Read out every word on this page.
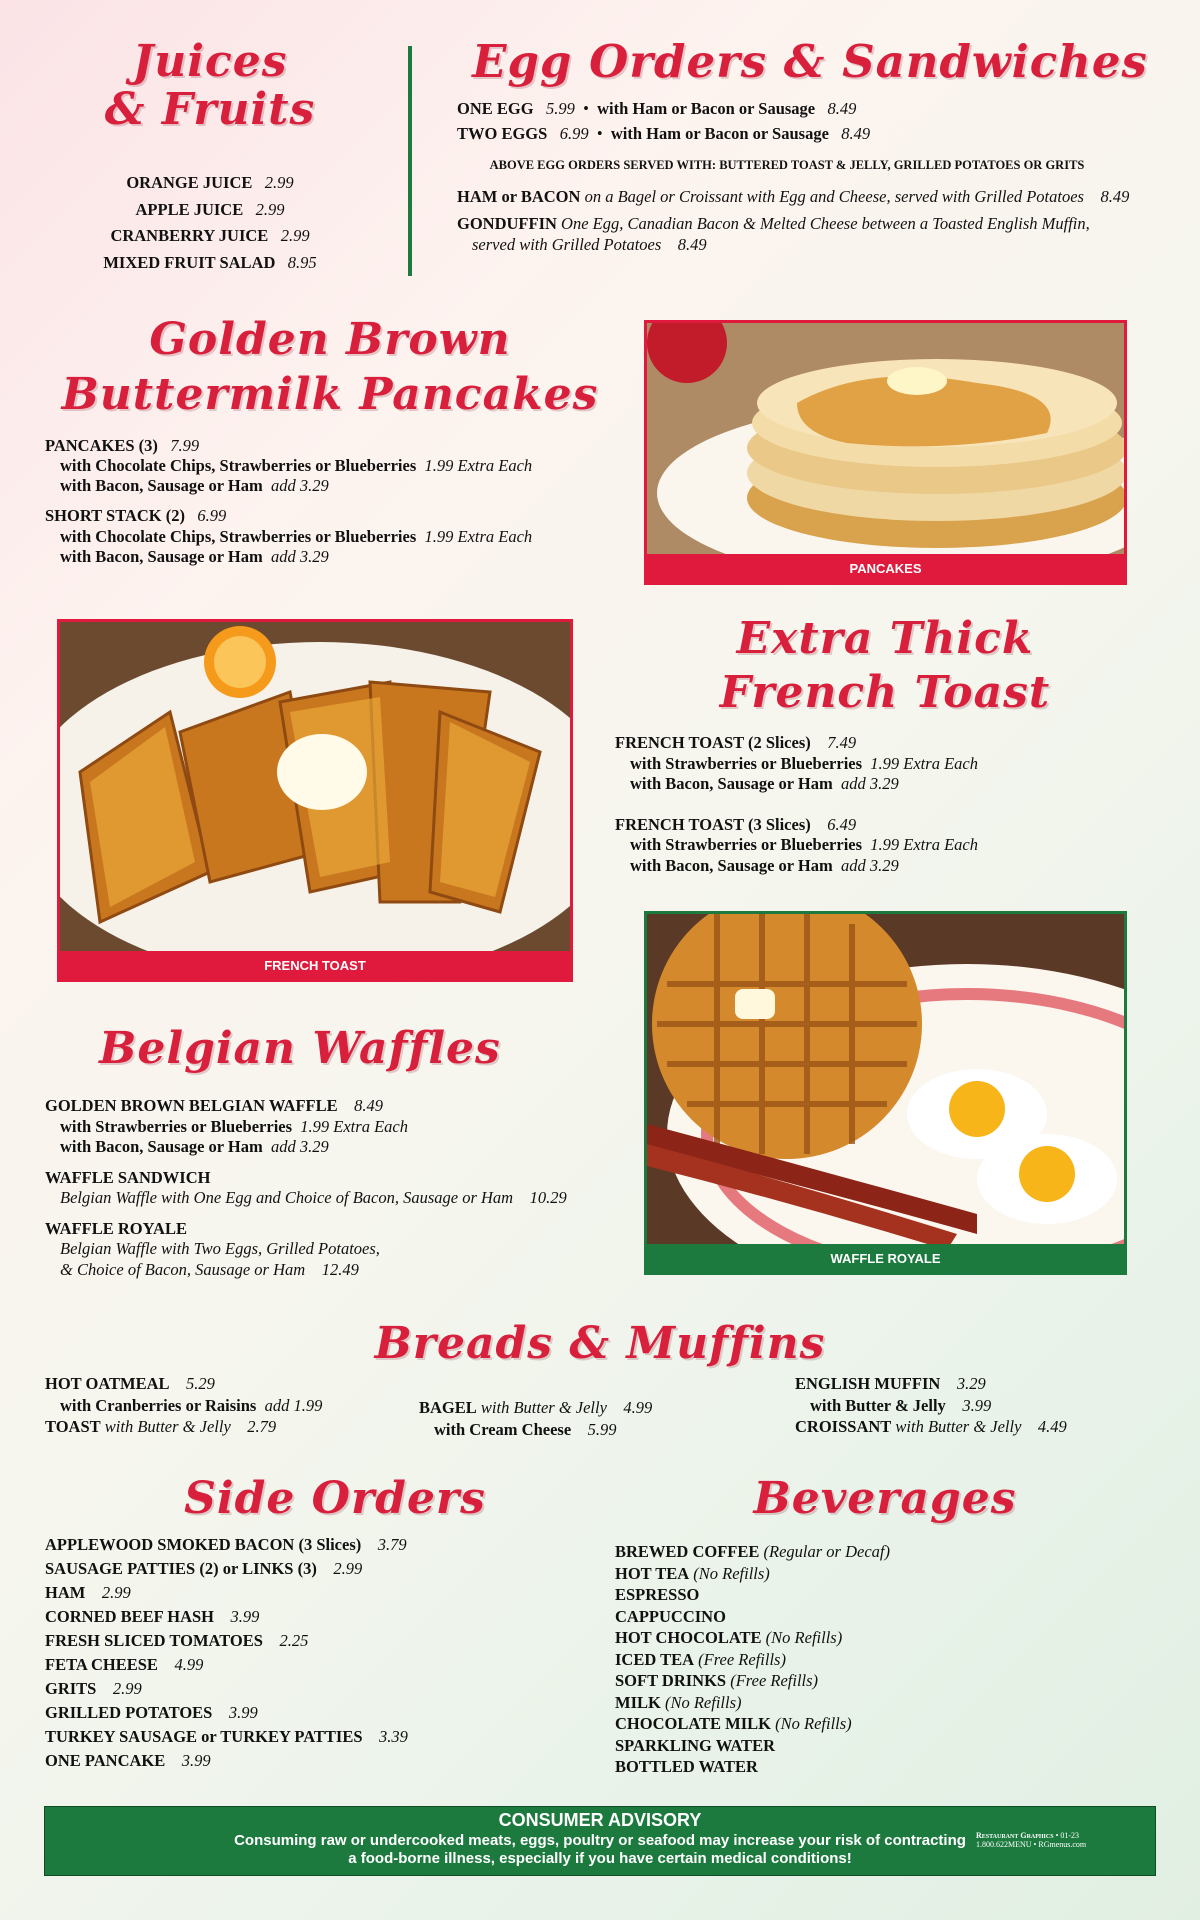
Juices
& Fruits
ORANGE JUICE 2.99
APPLE JUICE 2.99
CRANBERRY JUICE 2.99
MIXED FRUIT SALAD 8.95
Egg Orders & Sandwiches
ONE EGG 5.99 • with Ham or Bacon or Sausage 8.49
TWO EGGS 6.99 • with Ham or Bacon or Sausage 8.49
ABOVE EGG ORDERS SERVED WITH: BUTTERED TOAST & JELLY, GRILLED POTATOES OR GRITS
HAM or BACON on a Bagel or Croissant with Egg and Cheese, served with Grilled Potatoes 8.49
GONDUFFIN One Egg, Canadian Bacon & Melted Cheese between a Toasted English Muffin,
served with Grilled Potatoes 8.49
Golden Brown
Buttermilk Pancakes
PANCAKES (3) 7.99
with Chocolate Chips, Strawberries or Blueberries 1.99 Extra Each
with Bacon, Sausage or Ham add 3.29
SHORT STACK (2) 6.99
with Chocolate Chips, Strawberries or Blueberries 1.99 Extra Each
with Bacon, Sausage or Ham add 3.29
PANCAKES
FRENCH TOAST
Extra Thick
French Toast
FRENCH TOAST (2 Slices) 7.49
with Strawberries or Blueberries 1.99 Extra Each
with Bacon, Sausage or Ham add 3.29
FRENCH TOAST (3 Slices) 6.49
with Strawberries or Blueberries 1.99 Extra Each
with Bacon, Sausage or Ham add 3.29
WAFFLE ROYALE
Belgian Waffles
GOLDEN BROWN BELGIAN WAFFLE 8.49
with Strawberries or Blueberries 1.99 Extra Each
with Bacon, Sausage or Ham add 3.29
WAFFLE SANDWICH
Belgian Waffle with One Egg and Choice of Bacon, Sausage or Ham 10.29
WAFFLE ROYALE
Belgian Waffle with Two Eggs, Grilled Potatoes,
& Choice of Bacon, Sausage or Ham 12.49
Breads & Muffins
HOT OATMEAL 5.29
with Cranberries or Raisins add 1.99
TOAST with Butter & Jelly 2.79
BAGEL with Butter & Jelly 4.99
with Cream Cheese 5.99
ENGLISH MUFFIN 3.29
with Butter & Jelly 3.99
CROISSANT with Butter & Jelly 4.49
Side Orders
APPLEWOOD SMOKED BACON (3 Slices) 3.79
SAUSAGE PATTIES (2) or LINKS (3) 2.99
HAM 2.99
CORNED BEEF HASH 3.99
FRESH SLICED TOMATOES 2.25
FETA CHEESE 4.99
GRITS 2.99
GRILLED POTATOES 3.99
TURKEY SAUSAGE or TURKEY PATTIES 3.39
ONE PANCAKE 3.99
Beverages
BREWED COFFEE (Regular or Decaf)
HOT TEA (No Refills)
ESPRESSO
CAPPUCCINO
HOT CHOCOLATE (No Refills)
ICED TEA (Free Refills)
SOFT DRINKS (Free Refills)
MILK (No Refills)
CHOCOLATE MILK (No Refills)
SPARKLING WATER
BOTTLED WATER
CONSUMER ADVISORY
Consuming raw or undercooked meats, eggs, poultry or seafood may increase your risk of contracting
a food-borne illness, especially if you have certain medical conditions!
Restaurant Graphics • 01-23
1.800.622MENU • RGmenus.com
